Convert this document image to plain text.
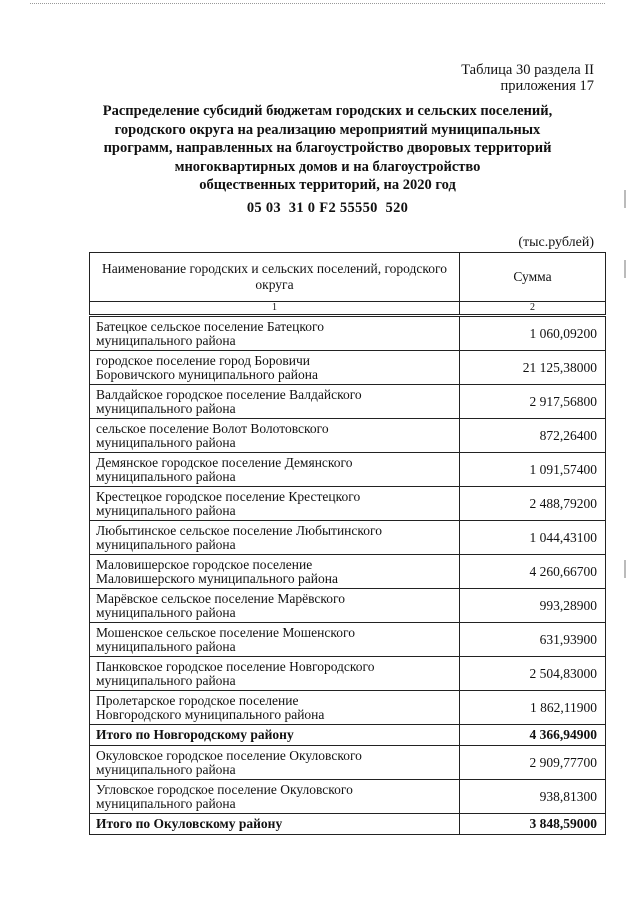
Таблица 30 раздела II
приложения 17
Распределение субсидий бюджетам городских и сельских поселений,
городского округа на реализацию мероприятий муниципальных
программ, направленных на благоустройство дворовых территорий
многоквартирных домов и на благоустройство
общественных территорий, на 2020 год
05 03  31 0 F2 55550  520
(тыс.рублей)
Наименование городских и сельских поселений, городского округа	Сумма
1	2

Батецкое сельское поселение Батецкого
муниципального района	1 060,09200

городское поселение город Боровичи
Боровичского муниципального района	21 125,38000

Валдайское городское поселение Валдайского
муниципального района	2 917,56800

сельское поселение Волот Волотовского
муниципального района	872,26400

Демянское городское поселение Демянского
муниципального района	1 091,57400

Крестецкое городское поселение Крестецкого
муниципального района	2 488,79200

Любытинское сельское поселение Любытинского
муниципального района	1 044,43100

Маловишерское городское поселение
Маловишерского муниципального района	4 260,66700

Марёвское сельское поселение Марёвского
муниципального района	993,28900

Мошенское сельское поселение Мошенского
муниципального района	631,93900

Панковское городское поселение Новгородского
муниципального района	2 504,83000

Пролетарское городское поселение
Новгородского муниципального района	1 862,11900
Итого по Новгородскому району	4 366,94900

Окуловское городское поселение Окуловского
муниципального района	2 909,77700

Угловское городское поселение Окуловского
муниципального района	938,81300
Итого по Окуловскому району	3 848,59000
